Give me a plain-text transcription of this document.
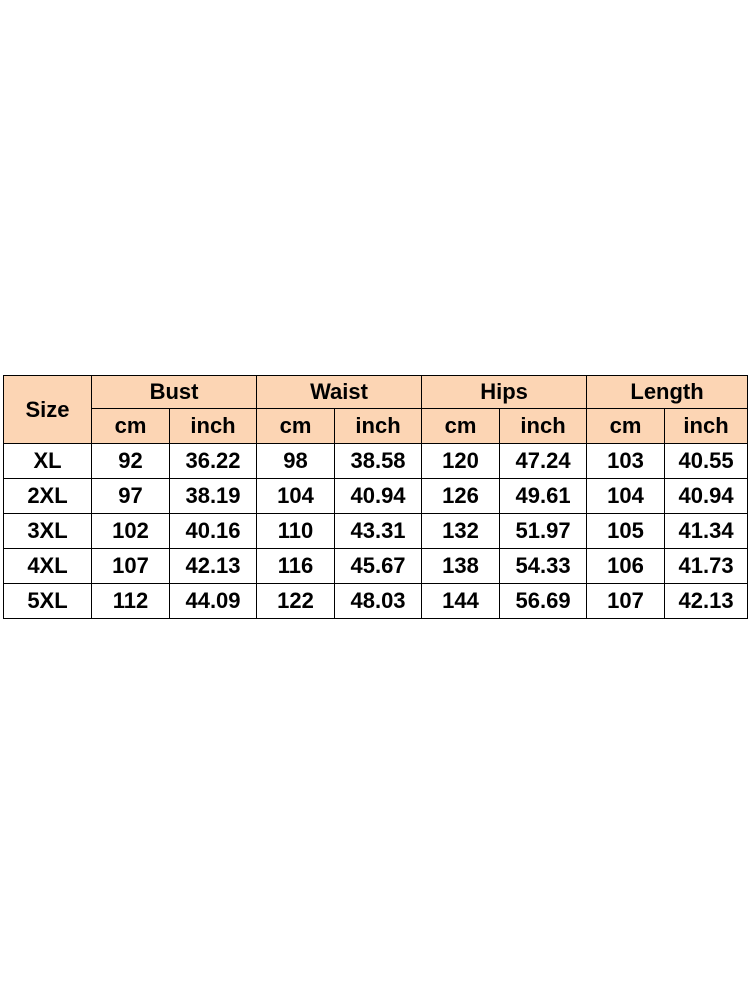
Size	Bust		Waist		Hips		Length	
	cm	inch	cm	inch	cm	inch	cm	inch
XL	92	36.22	98	38.58	120	47.24	103	40.55
2XL	97	38.19	104	40.94	126	49.61	104	40.94
3XL	102	40.16	110	43.31	132	51.97	105	41.34
4XL	107	42.13	116	45.67	138	54.33	106	41.73
5XL	112	44.09	122	48.03	144	56.69	107	42.13
